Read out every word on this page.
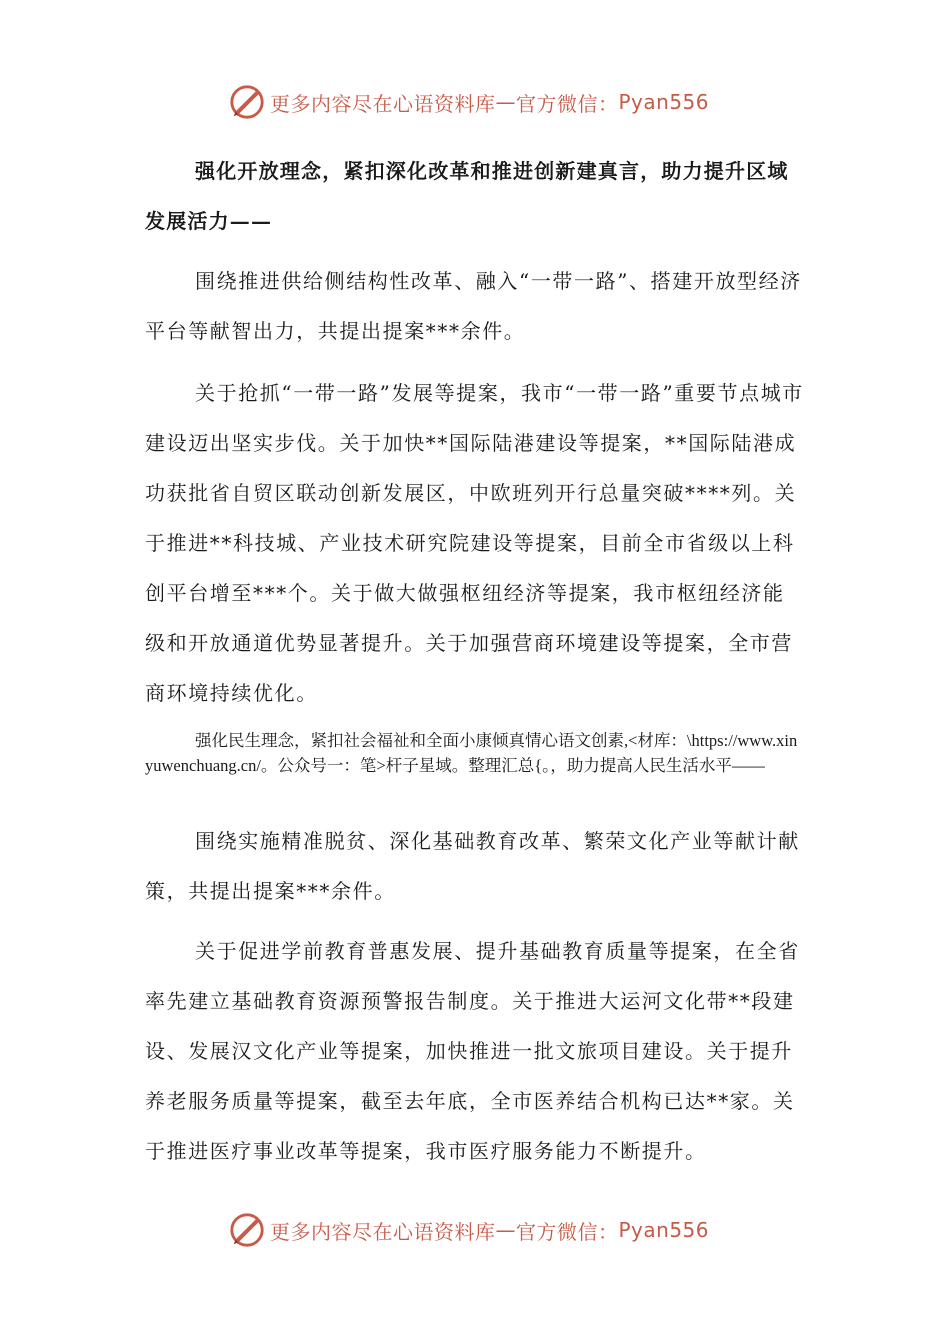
更多内容尽在心语资料库 — 官方微信： Pyan556

强化开放理念，紧扣深化改革和推进创新建真言，助力提升区域发展活力——

围绕推进供给侧结构性改革、融入“一带一路”、搭建开放型经济平台等献智出力，共提出提案***余件。

关于抢抓“一带一路”发展等提案，我市“一带一路”重要节点城市建设迈出坚实步伐。关于加快**国际陆港建设等提案，**国际陆港成功获批省自贸区联动创新发展区，中欧班列开行总量突破****列。关于推进**科技城、产业技术研究院建设等提案，目前全市省级以上科创平台增至***个。关于做大做强枢纽经济等提案，我市枢纽经济能级和开放通道优势显著提升。关于加强营商环境建设等提案，全市营商环境持续优化。

强化民生理念，紧扣社会福祉和全面小康倾真情心语文创素,<材库：\https://www.xinyuwenchuang.cn/。公众号一：笔>杆子星域。整理汇总{。，助力提高人民生活水平——

围绕实施精准脱贫、深化基础教育改革、繁荣文化产业等献计献策，共提出提案***余件。

关于促进学前教育普惠发展、提升基础教育质量等提案，在全省率先建立基础教育资源预警报告制度。关于推进大运河文化带**段建设、发展汉文化产业等提案，加快推进一批文旅项目建设。关于提升养老服务质量等提案，截至去年底，全市医养结合机构已达**家。关于推进医疗事业改革等提案，我市医疗服务能力不断提升。

更多内容尽在心语资料库 — 官方微信： Pyan556
